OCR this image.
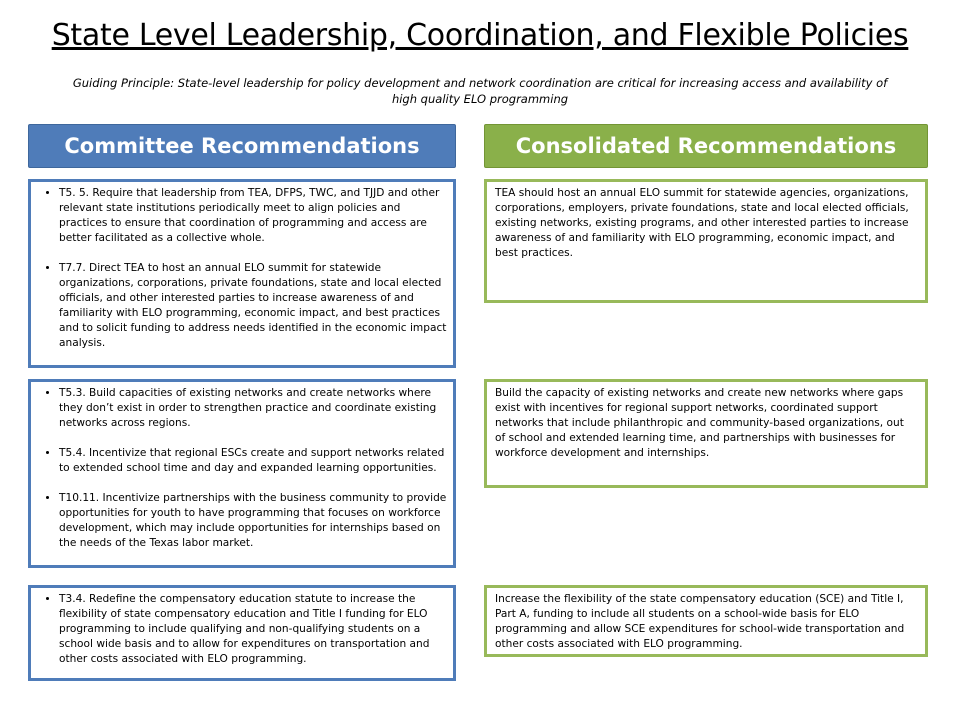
State Level Leadership, Coordination, and Flexible Policies
Guiding Principle: State-level leadership for policy development and network coordination are critical for increasing access and availability of high quality ELO programming
Committee Recommendations	Consolidated Recommendations
• T5. 5. Require that leadership from TEA, DFPS, TWC, and TJJD and other relevant state institutions periodically meet to align policies and practices to ensure that coordination of programming and access are better facilitated as a collective whole.
• T7.7. Direct TEA to host an annual ELO summit for statewide organizations, corporations, private foundations, state and local elected officials, and other interested parties to increase awareness of and familiarity with ELO programming, economic impact, and best practices and to solicit funding to address needs identified in the economic impact analysis.
• T5.3. Build capacities of existing networks and create networks where they don’t exist in order to strengthen practice and coordinate existing networks across regions.
• T5.4. Incentivize that regional ESCs create and support networks related to extended school time and day and expanded learning opportunities.
• T10.11. Incentivize partnerships with the business community to provide opportunities for youth to have programming that focuses on workforce development, which may include opportunities for internships based on the needs of the Texas labor market.
• T3.4. Redefine the compensatory education statute to increase the flexibility of state compensatory education and Title I funding for ELO programming to include qualifying and non-qualifying students on a school wide basis and to allow for expenditures on transportation and other costs associated with ELO programming.
TEA should host an annual ELO summit for statewide agencies, organizations, corporations, employers, private foundations, state and local elected officials, existing networks, existing programs, and other interested parties to increase awareness of and familiarity with ELO programming, economic impact, and best practices.
Build the capacity of existing networks and create new networks where gaps exist with incentives for regional support networks, coordinated support networks that include philanthropic and community-based organizations, out of school and extended learning time, and partnerships with businesses for workforce development and internships.
Increase the flexibility of the state compensatory education (SCE) and Title I, Part A, funding to include all students on a school-wide basis for ELO programming and allow SCE expenditures for school-wide transportation and other costs associated with ELO programming.
